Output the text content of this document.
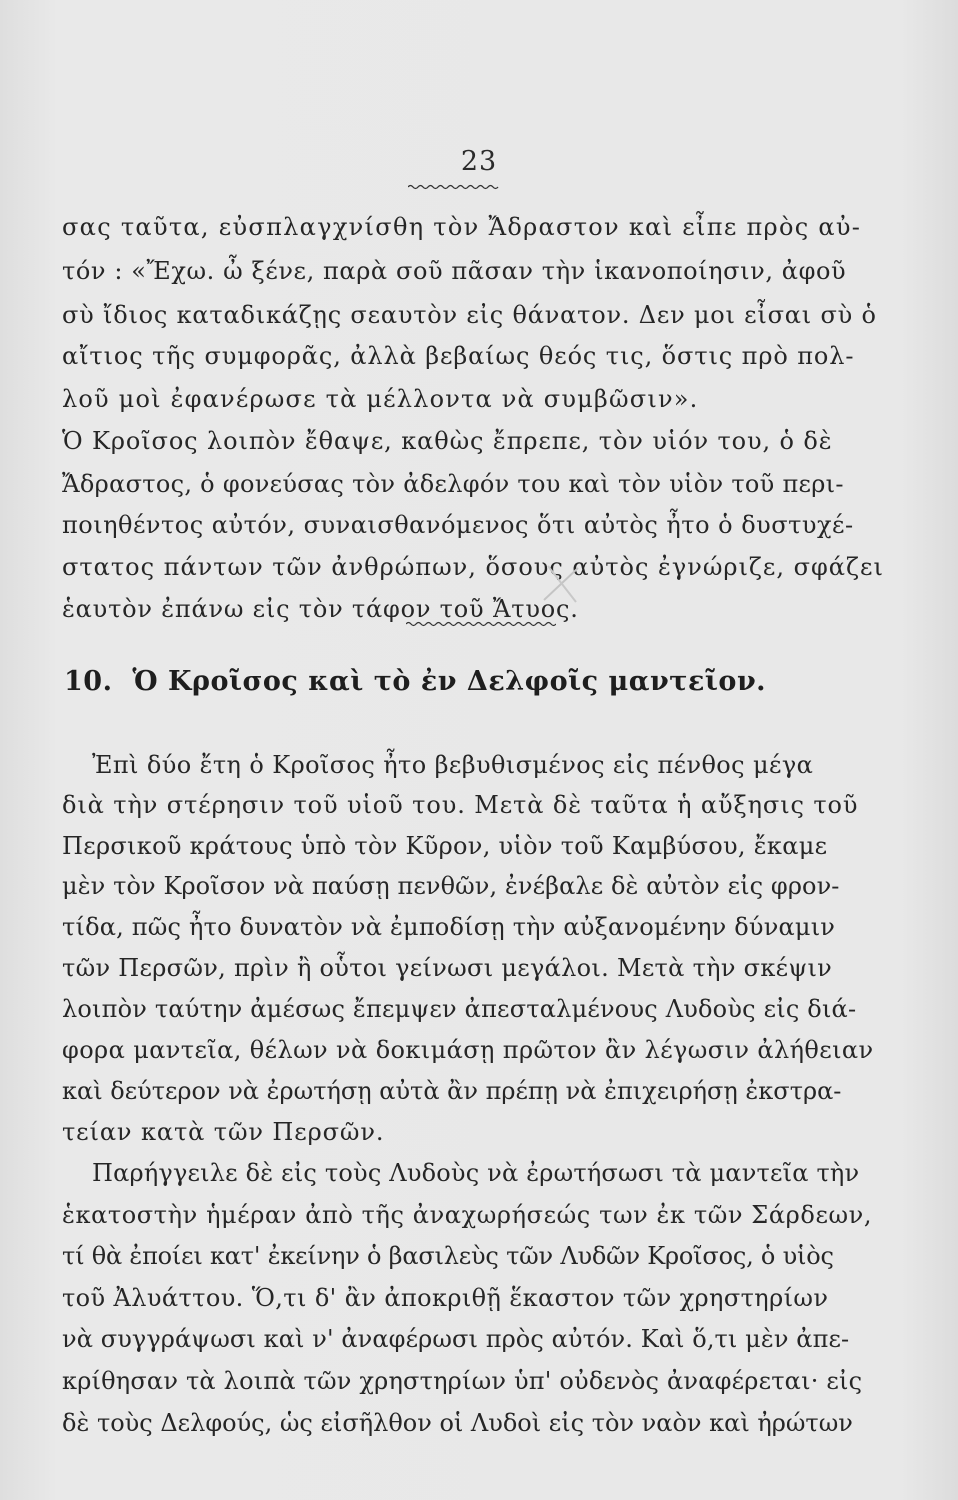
23
σας ταῦτα, εὐσπλαγχνίσθη τὸν Ἄδραστον καὶ εἶπε πρὸς αὐ-
τόν : «Ἔχω. ὦ ξένε, παρὰ σοῦ πᾶσαν τὴν ἱκανοποίησιν, ἀφοῦ
σὺ ἴδιος καταδικάζῃς σεαυτὸν εἰς θάνατον. Δεν μοι εἶσαι σὺ ὁ
αἴτιος τῆς συμφορᾶς, ἀλλὰ βεβαίως θεός τις, ὅστις πρὸ πολ-
λοῦ μοὶ ἐφανέρωσε τὰ μέλλοντα νὰ συμβῶσιν».
Ὁ Κροῖσος λοιπὸν ἔθαψε, καθὼς ἔπρεπε, τὸν υἱόν του, ὁ δὲ
Ἄδραστος, ὁ φονεύσας τὸν ἀδελφόν του καὶ τὸν υἱὸν τοῦ περι-
ποιηθέντος αὐτόν, συναισθανόμενος ὅτι αὐτὸς ἦτο ὁ δυστυχέ-
στατος πάντων τῶν ἀνθρώπων, ὅσους αὐτὸς ἐγνώριζε, σφάζει
ἑαυτὸν ἐπάνω εἰς τὸν τάφον τοῦ Ἄτυος.
10. Ὁ Κροῖσος καὶ τὸ ἐν Δελφοῖς μαντεῖον.
Ἐπὶ δύο ἔτη ὁ Κροῖσος ἦτο βεβυθισμένος εἰς πένθος μέγα
διὰ τὴν στέρησιν τοῦ υἱοῦ του. Μετὰ δὲ ταῦτα ἡ αὔξησις τοῦ
Περσικοῦ κράτους ὑπὸ τὸν Κῦρον, υἱὸν τοῦ Καμβύσου, ἔκαμε
μὲν τὸν Κροῖσον νὰ παύσῃ πενθῶν, ἐνέβαλε δὲ αὐτὸν εἰς φρον-
τίδα, πῶς ἦτο δυνατὸν νὰ ἐμποδίσῃ τὴν αὐξανομένην δύναμιν
τῶν Περσῶν, πρὶν ἢ οὗτοι γείνωσι μεγάλοι. Μετὰ τὴν σκέψιν
λοιπὸν ταύτην ἀμέσως ἔπεμψεν ἀπεσταλμένους Λυδοὺς εἰς διά-
φορα μαντεῖα, θέλων νὰ δοκιμάσῃ πρῶτον ἂν λέγωσιν ἀλήθειαν
καὶ δεύτερον νὰ ἐρωτήσῃ αὐτὰ ἂν πρέπῃ νὰ ἐπιχειρήσῃ ἐκστρα-
τείαν κατὰ τῶν Περσῶν.
Παρήγγειλε δὲ εἰς τοὺς Λυδοὺς νὰ ἐρωτήσωσι τὰ μαντεῖα τὴν
ἑκατοστὴν ἡμέραν ἀπὸ τῆς ἀναχωρήσεώς των ἐκ τῶν Σάρδεων,
τί θὰ ἐποίει κατ' ἐκείνην ὁ βασιλεὺς τῶν Λυδῶν Κροῖσος, ὁ υἱὸς
τοῦ Ἀλυάττου. Ὅ,τι δ' ἂν ἀποκριθῇ ἕκαστον τῶν χρηστηρίων
νὰ συγγράψωσι καὶ ν' ἀναφέρωσι πρὸς αὐτόν. Καὶ ὅ,τι μὲν ἀπε-
κρίθησαν τὰ λοιπὰ τῶν χρηστηρίων ὑπ' οὐδενὸς ἀναφέρεται· εἰς
δὲ τοὺς Δελφούς, ὡς εἰσῆλθον οἱ Λυδοὶ εἰς τὸν ναὸν καὶ ἠρώτων
